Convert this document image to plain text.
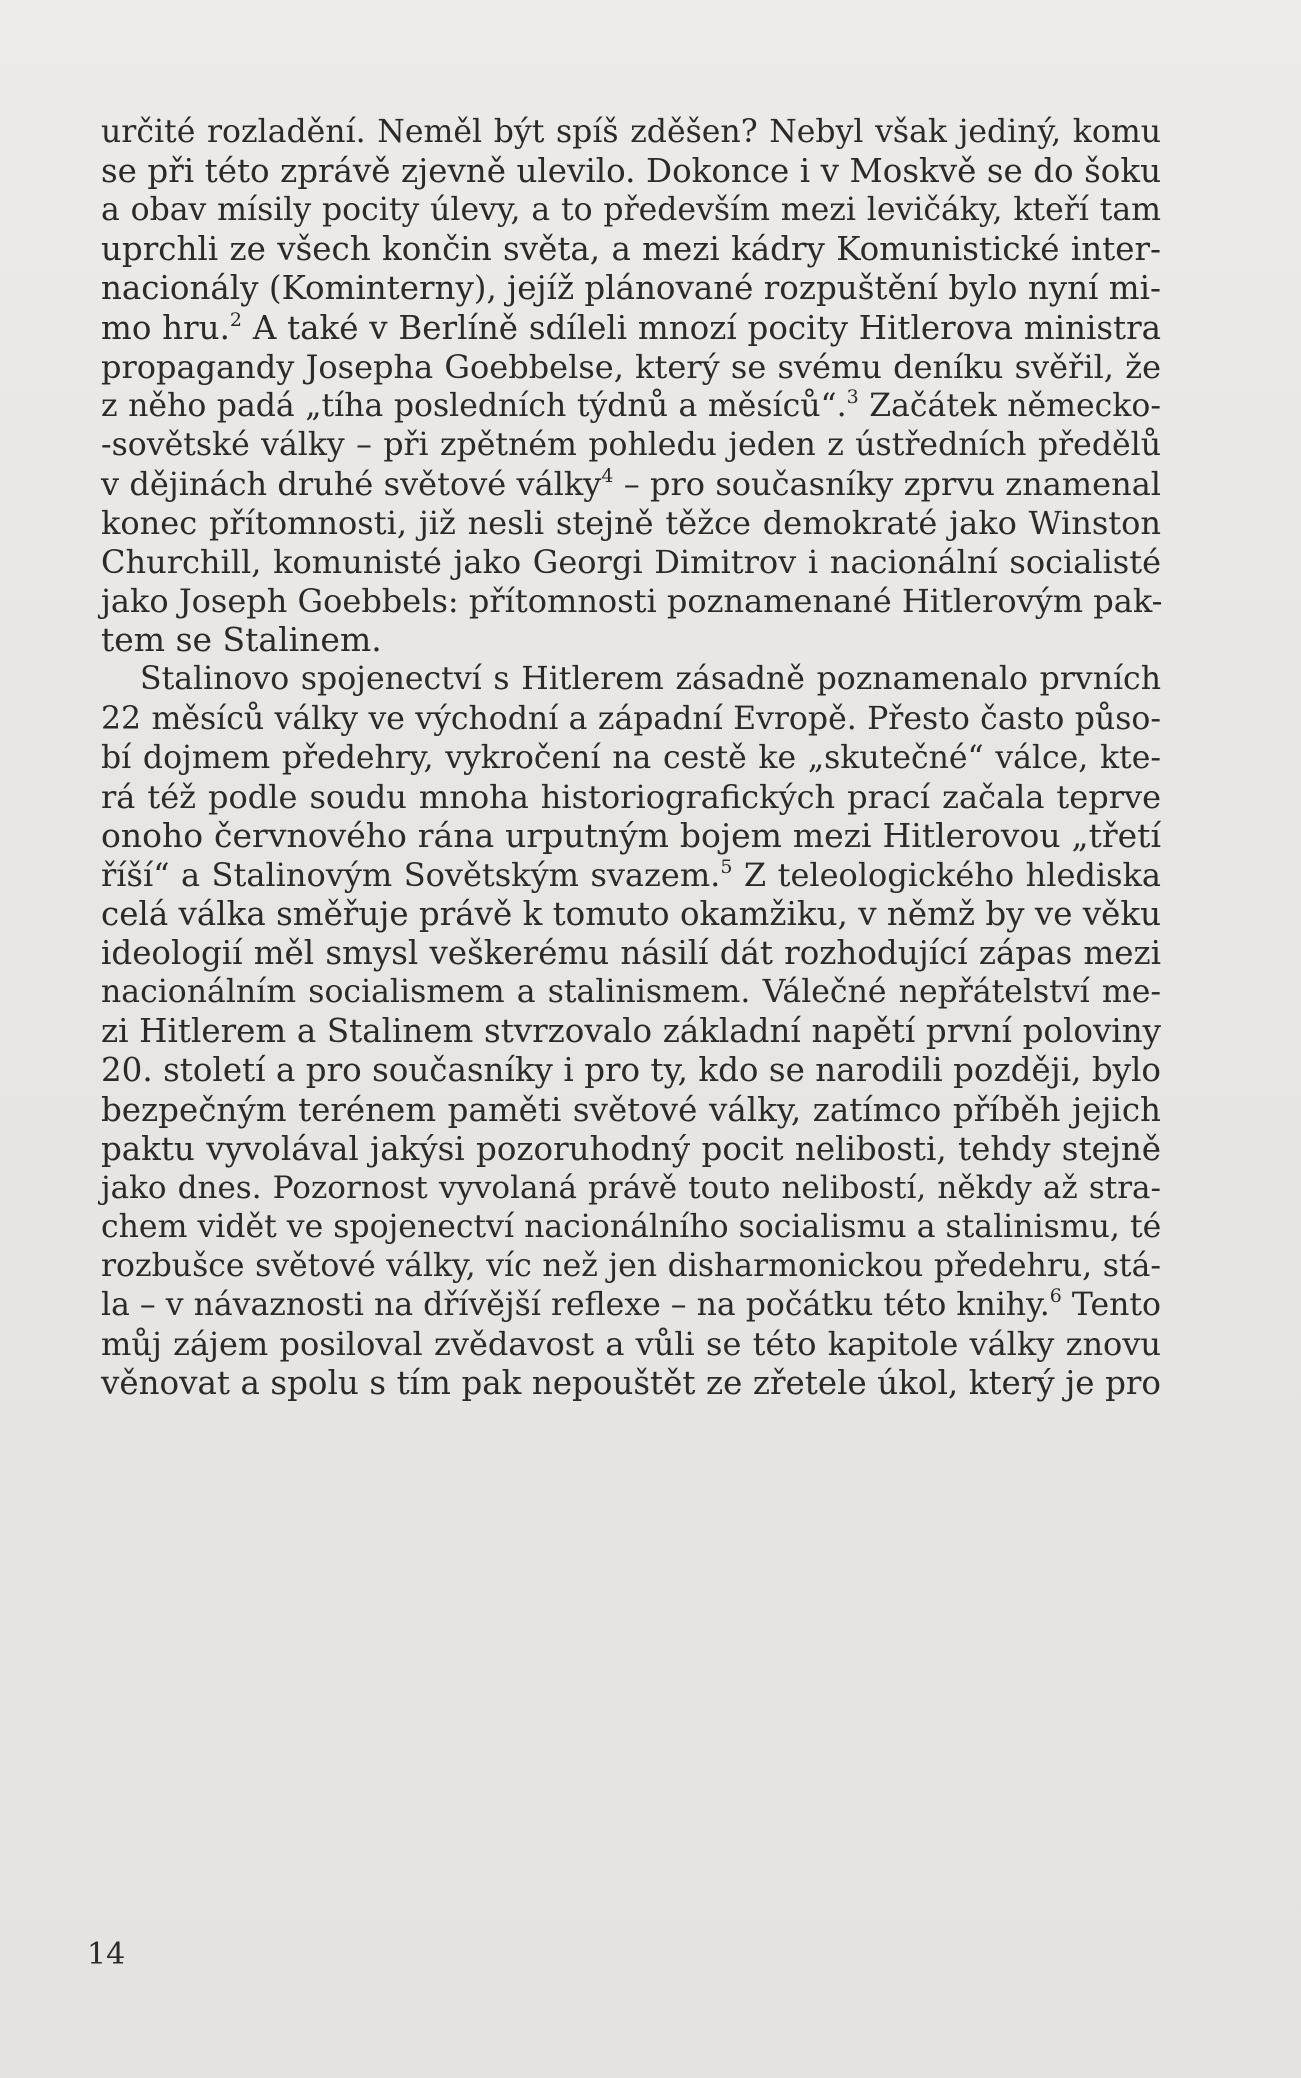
určité rozladění. Neměl být spíš zděšen? Nebyl však jediný, komu

se při této zprávě zjevně ulevilo. Dokonce i v Moskvě se do šoku

a obav mísily pocity úlevy, a to především mezi levičáky, kteří tam

uprchli ze všech končin světa, a mezi kádry Komunistické inter-

nacionály (Kominterny), jejíž plánované rozpuštění bylo nyní mi-

mo hru.$^2$ A také v Berlíně sdíleli mnozí pocity Hitlerova ministra

propagandy Josepha Goebbelse, který se svému deníku svěřil, že

z něho padá „tíha posledních týdnů a měsíců“.$^3$ Začátek německo-

-sovětské války – při zpětném pohledu jeden z ústředních předělů

v dějinách druhé světové války$^4$ – pro současníky zprvu znamenal

konec přítomnosti, již nesli stejně těžce demokraté jako Winston

Churchill, komunisté jako Georgi Dimitrov i nacionální socialisté

jako Joseph Goebbels: přítomnosti poznamenané Hitlerovým pak-

tem se Stalinem.

Stalinovo spojenectví s Hitlerem zásadně poznamenalo prvních

22 měsíců války ve východní a západní Evropě. Přesto často půso-

bí dojmem předehry, vykročení na cestě ke „skutečné“ válce, kte-

rá též podle soudu mnoha historiografických prací začala teprve

onoho červnového rána urputným bojem mezi Hitlerovou „třetí

říší“ a Stalinovým Sovětským svazem.$^5$ Z teleologického hlediska

celá válka směřuje právě k tomuto okamžiku, v němž by ve věku

ideologií měl smysl veškerému násilí dát rozhodující zápas mezi

nacionálním socialismem a stalinismem. Válečné nepřátelství me-

zi Hitlerem a Stalinem stvrzovalo základní napětí první poloviny

20. století a pro současníky i pro ty, kdo se narodili později, bylo

bezpečným terénem paměti světové války, zatímco příběh jejich

paktu vyvolával jakýsi pozoruhodný pocit nelibosti, tehdy stejně

jako dnes. Pozornost vyvolaná právě touto nelibostí, někdy až stra-

chem vidět ve spojenectví nacionálního socialismu a stalinismu, té

rozbušce světové války, víc než jen disharmonickou předehru, stá-

la – v návaznosti na dřívější reflexe – na počátku této knihy.$^6$ Tento

můj zájem posiloval zvědavost a vůli se této kapitole války znovu

věnovat a spolu s tím pak nepouštět ze zřetele úkol, který je pro

14
